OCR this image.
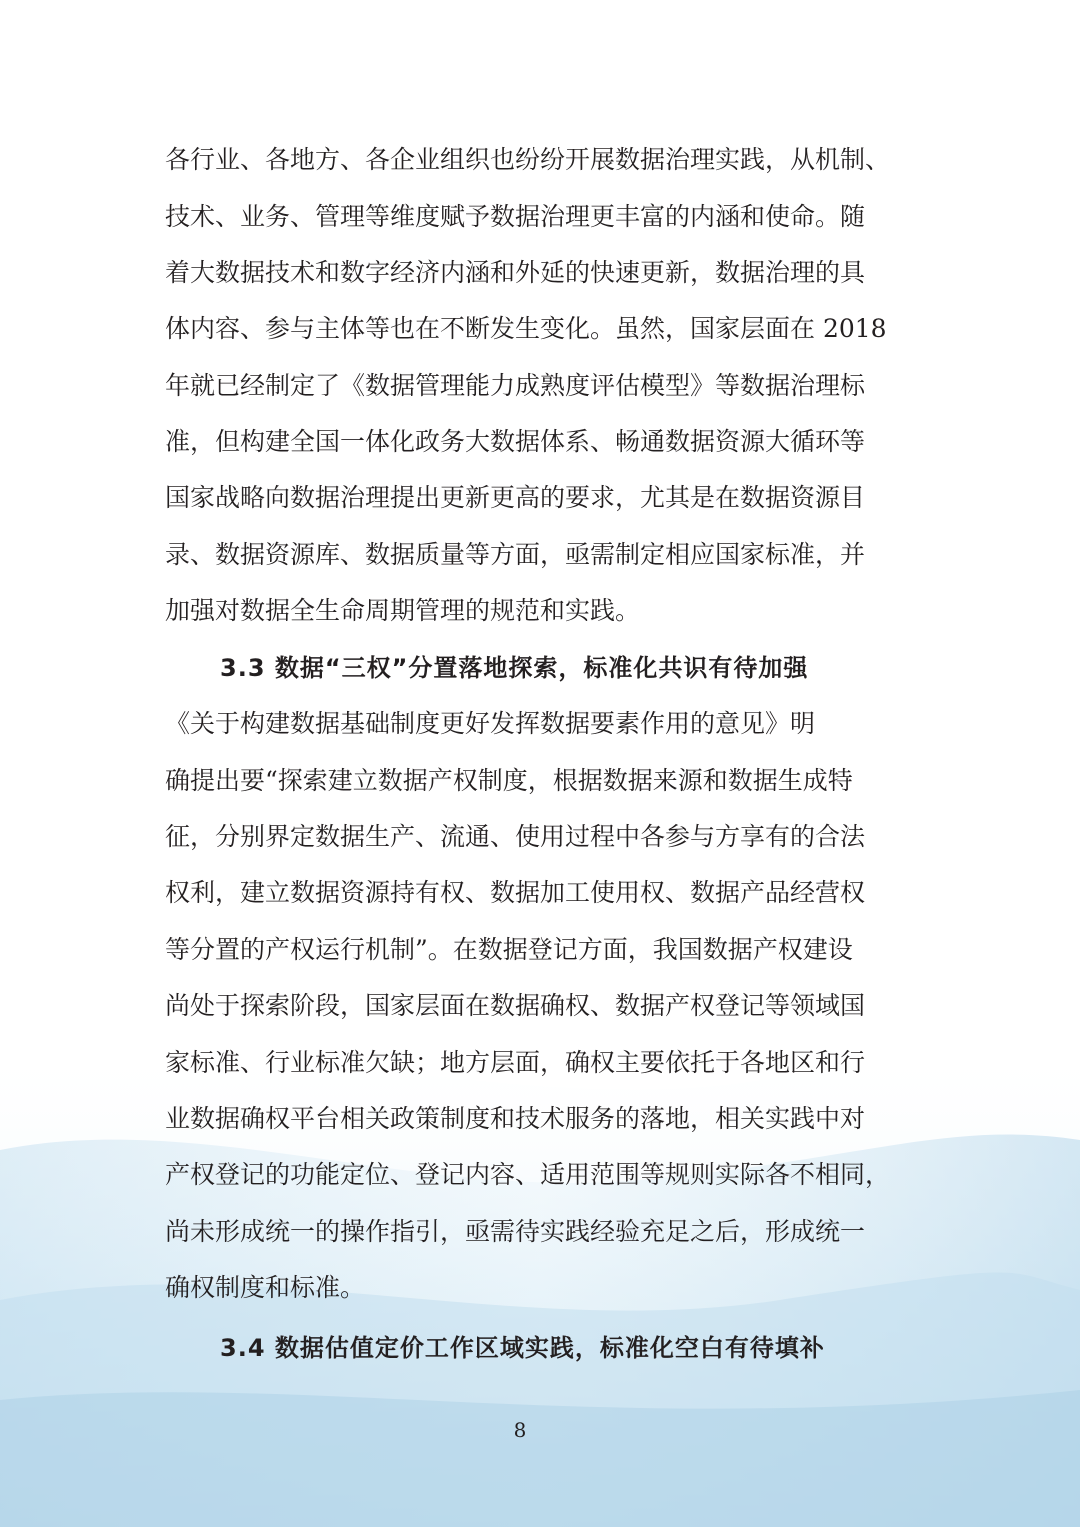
各行业、各地方、各企业组织也纷纷开展数据治理实践，从机制、
技术、业务、管理等维度赋予数据治理更丰富的内涵和使命。随
着大数据技术和数字经济内涵和外延的快速更新，数据治理的具
体内容、参与主体等也在不断发生变化。虽然，国家层面在 2018
年就已经制定了《数据管理能力成熟度评估模型》等数据治理标
准，但构建全国一体化政务大数据体系、畅通数据资源大循环等
国家战略向数据治理提出更新更高的要求，尤其是在数据资源目
录、数据资源库、数据质量等方面，亟需制定相应国家标准，并
加强对数据全生命周期管理的规范和实践。
3.3 数据“三权”分置落地探索，标准化共识有待加强
《关于构建数据基础制度更好发挥数据要素作用的意见》明
确提出要“探索建立数据产权制度，根据数据来源和数据生成特
征，分别界定数据生产、流通、使用过程中各参与方享有的合法
权利，建立数据资源持有权、数据加工使用权、数据产品经营权
等分置的产权运行机制”。在数据登记方面，我国数据产权建设
尚处于探索阶段，国家层面在数据确权、数据产权登记等领域国
家标准、行业标准欠缺；地方层面，确权主要依托于各地区和行
业数据确权平台相关政策制度和技术服务的落地，相关实践中对
产权登记的功能定位、登记内容、适用范围等规则实际各不相同，
尚未形成统一的操作指引，亟需待实践经验充足之后，形成统一
确权制度和标准。
3.4 数据估值定价工作区域实践，标准化空白有待填补
8
